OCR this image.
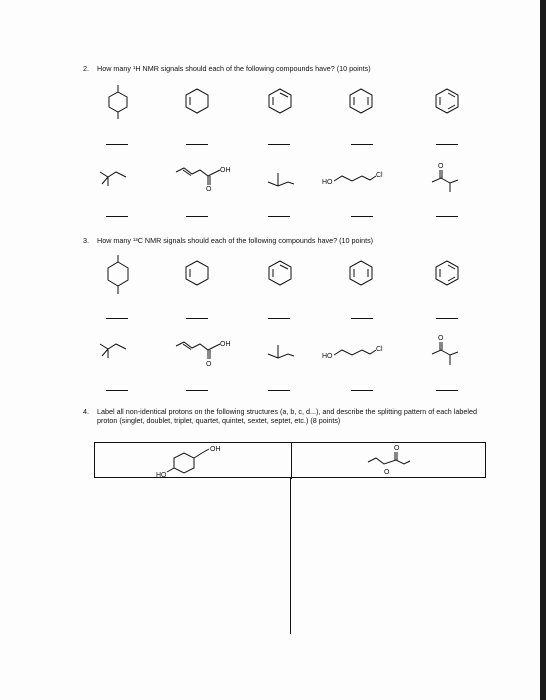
2. How many ¹H NMR signals should each of the following compounds have? (10 points)
OH
O
HO
Cl
O
3. How many ¹³C NMR signals should each of the following compounds have? (10 points)
OH
O
HO
Cl
O
4. Label all non-identical protons on the following structures (a, b, c, d...), and describe the splitting pattern of each labeled proton (singlet, doublet, triplet, quartet, quintet, sextet, septet, etc.) (8 points)
HO
OH	O
O
